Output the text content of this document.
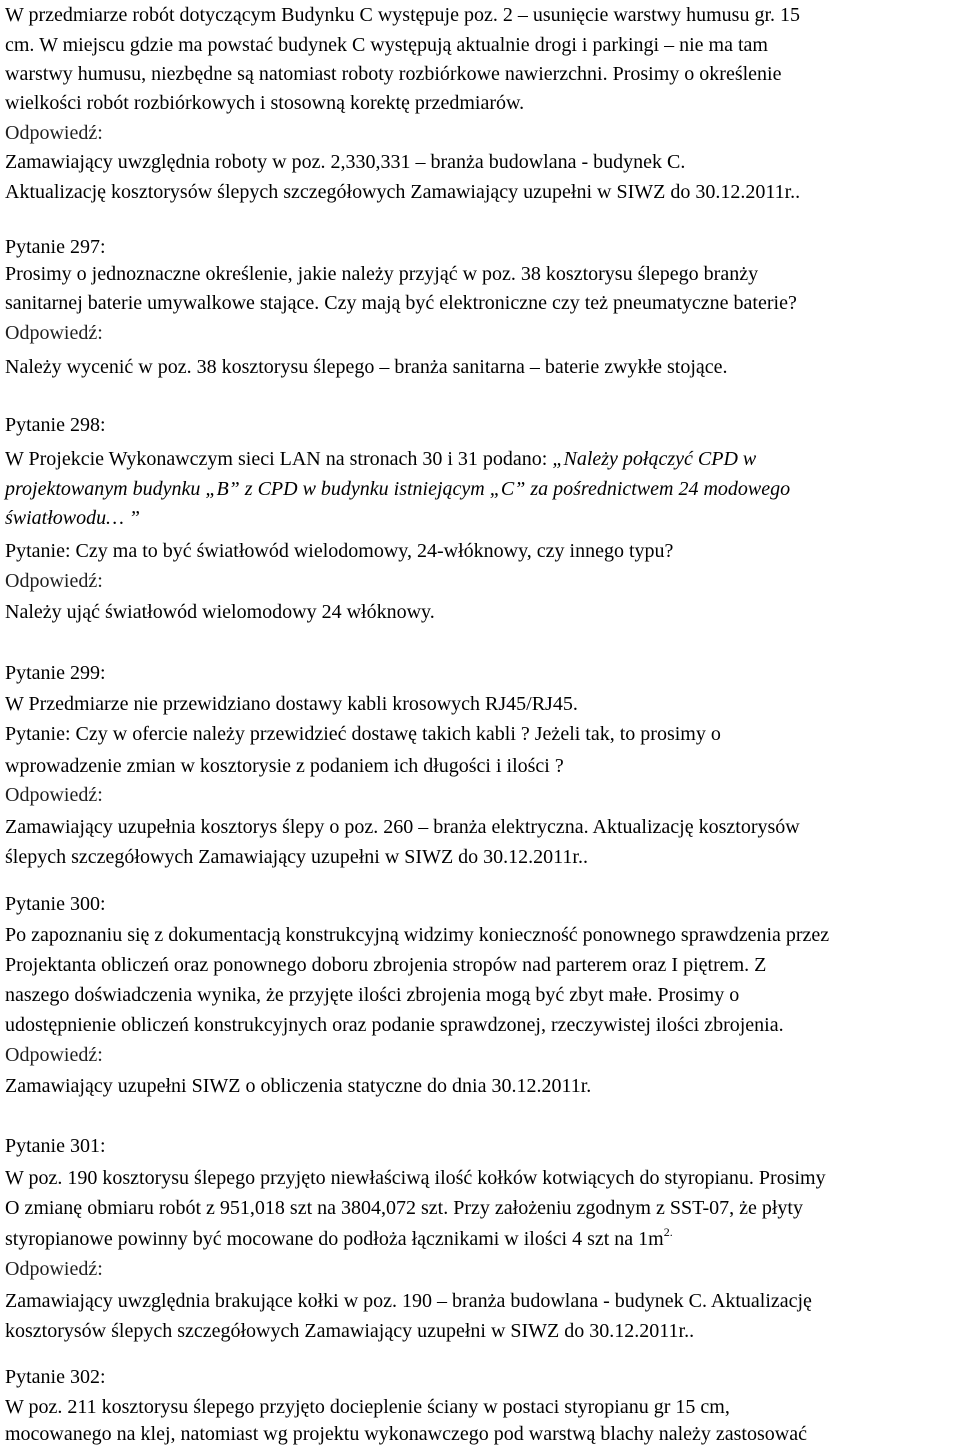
W przedmiarze robót dotyczącym Budynku C występuje poz. 2 – usunięcie warstwy humusu gr. 15
cm. W miejscu gdzie ma powstać budynek C występują aktualnie drogi i parkingi – nie ma tam
warstwy humusu, niezbędne są natomiast roboty rozbiórkowe nawierzchni. Prosimy o określenie
wielkości robót rozbiórkowych i stosowną korektę przedmiarów.
Odpowiedź:
Zamawiający uwzględnia roboty w poz. 2,330,331 – branża budowlana - budynek C.
Aktualizację kosztorysów ślepych szczegółowych Zamawiający uzupełni w SIWZ do 30.12.2011r..
Pytanie 297:
Prosimy o jednoznaczne określenie, jakie należy przyjąć w poz. 38 kosztorysu ślepego branży
sanitarnej baterie umywalkowe stające. Czy mają być elektroniczne czy też pneumatyczne baterie?
Odpowiedź:
Należy wycenić w poz. 38 kosztorysu ślepego – branża sanitarna – baterie zwykłe stojące.
Pytanie 298:
W Projekcie Wykonawczym sieci LAN na stronach 30 i 31 podano: „Należy połączyć CPD w
projektowanym budynku „B” z CPD w budynku istniejącym „C” za pośrednictwem 24 modowego
światłowodu… ”
Pytanie: Czy ma to być światłowód wielodomowy, 24-włóknowy, czy innego typu?
Odpowiedź:
Należy ująć światłowód wielomodowy 24 włóknowy.
Pytanie 299:
W Przedmiarze nie przewidziano dostawy kabli krosowych RJ45/RJ45.
Pytanie: Czy w ofercie należy przewidzieć dostawę takich kabli ? Jeżeli tak, to prosimy o
wprowadzenie zmian w kosztorysie z podaniem ich długości i ilości ?
Odpowiedź:
Zamawiający uzupełnia kosztorys ślepy o poz. 260 – branża elektryczna. Aktualizację kosztorysów
ślepych szczegółowych Zamawiający uzupełni w SIWZ do 30.12.2011r..
Pytanie 300:
Po zapoznaniu się z dokumentacją konstrukcyjną widzimy konieczność ponownego sprawdzenia przez
Projektanta obliczeń oraz ponownego doboru zbrojenia stropów nad parterem oraz I piętrem. Z
naszego doświadczenia wynika, że przyjęte ilości zbrojenia mogą być zbyt małe. Prosimy o
udostępnienie obliczeń konstrukcyjnych oraz podanie sprawdzonej, rzeczywistej ilości zbrojenia.
Odpowiedź:
Zamawiający uzupełni SIWZ o obliczenia statyczne do dnia 30.12.2011r.
Pytanie 301:
W poz. 190 kosztorysu ślepego przyjęto niewłaściwą ilość kołków kotwiących do styropianu. Prosimy
O zmianę obmiaru robót z 951,018 szt na 3804,072 szt. Przy założeniu zgodnym z SST-07, że płyty
styropianowe powinny być mocowane do podłoża łącznikami w ilości 4 szt na $1m^{2.}$
Odpowiedź:
Zamawiający uwzględnia brakujące kołki w poz. 190 – branża budowlana - budynek C. Aktualizację
kosztorysów ślepych szczegółowych Zamawiający uzupełni w SIWZ do 30.12.2011r..
Pytanie 302:
W poz. 211 kosztorysu ślepego przyjęto docieplenie ściany w postaci styropianu gr 15 cm,
mocowanego na klej, natomiast wg projektu wykonawczego pod warstwą blachy należy zastosować
